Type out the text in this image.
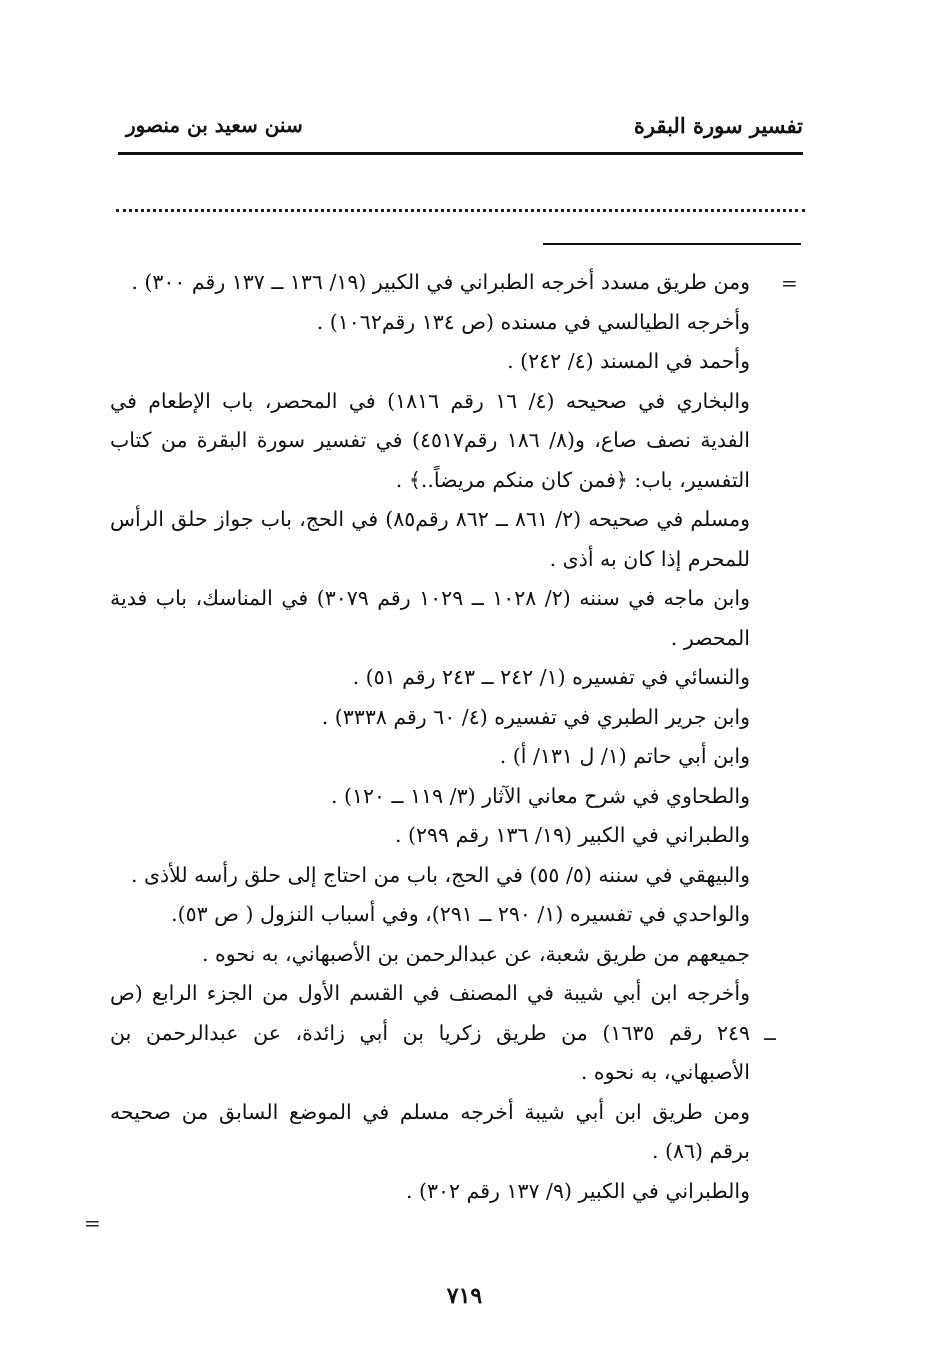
تفسير سورة البقرة
سنن سعيد بن منصور
=
ــ
=

ومن طريق مسدد أخرجه الطبراني في الكبير (١٩/ ١٣٦ ــ ١٣٧ رقم ٣٠٠) .

وأخرجه الطيالسي في مسنده (ص ١٣٤ رقم١٠٦٢) .

وأحمد في المسند (٤/ ٢٤٢) .

والبخاري في صحيحه (٤/ ١٦ رقم ١٨١٦) في المحصر، باب الإطعام في الفدية نصف صاع، و(٨/ ١٨٦ رقم٤٥١٧) في تفسير سورة البقرة من كتاب التفسير، باب: ﴿فمن كان منكم مريضاً..﴾ .

ومسلم في صحيحه (٢/ ٨٦١ ــ ٨٦٢ رقم٨٥) في الحج، باب جواز حلق الرأس للمحرم إذا كان به أذى .

وابن ماجه في سننه (٢/ ١٠٢٨ ــ ١٠٢٩ رقم ٣٠٧٩) في المناسك، باب فدية المحصر .

والنسائي في تفسيره (١/ ٢٤٢ ــ ٢٤٣ رقم ٥١) .

وابن جرير الطبري في تفسيره (٤/ ٦٠ رقم ٣٣٣٨) .

وابن أبي حاتم (١/ ل ١٣١/ أ) .

والطحاوي في شرح معاني الآثار (٣/ ١١٩ ــ ١٢٠) .

والطبراني في الكبير (١٩/ ١٣٦ رقم ٢٩٩) .

والبيهقي في سننه (٥/ ٥٥) في الحج، باب من احتاج إلى حلق رأسه للأذى .

والواحدي في تفسيره (١/ ٢٩٠ ــ ٢٩١)، وفي أسباب النزول ( ص ٥٣).

جميعهم من طريق شعبة، عن عبدالرحمن بن الأصبهاني، به نحوه .

وأخرجه ابن أبي شيبة في المصنف في القسم الأول من الجزء الرابع (ص ٢٤٩ رقم ١٦٣٥) من طريق زكريا بن أبي زائدة، عن عبدالرحمن بن الأصبهاني، به نحوه .

ومن طريق ابن أبي شيبة أخرجه مسلم في الموضع السابق من صحيحه برقم (٨٦) .

والطبراني في الكبير (٩/ ١٣٧ رقم ٣٠٢) .

٧١٩
